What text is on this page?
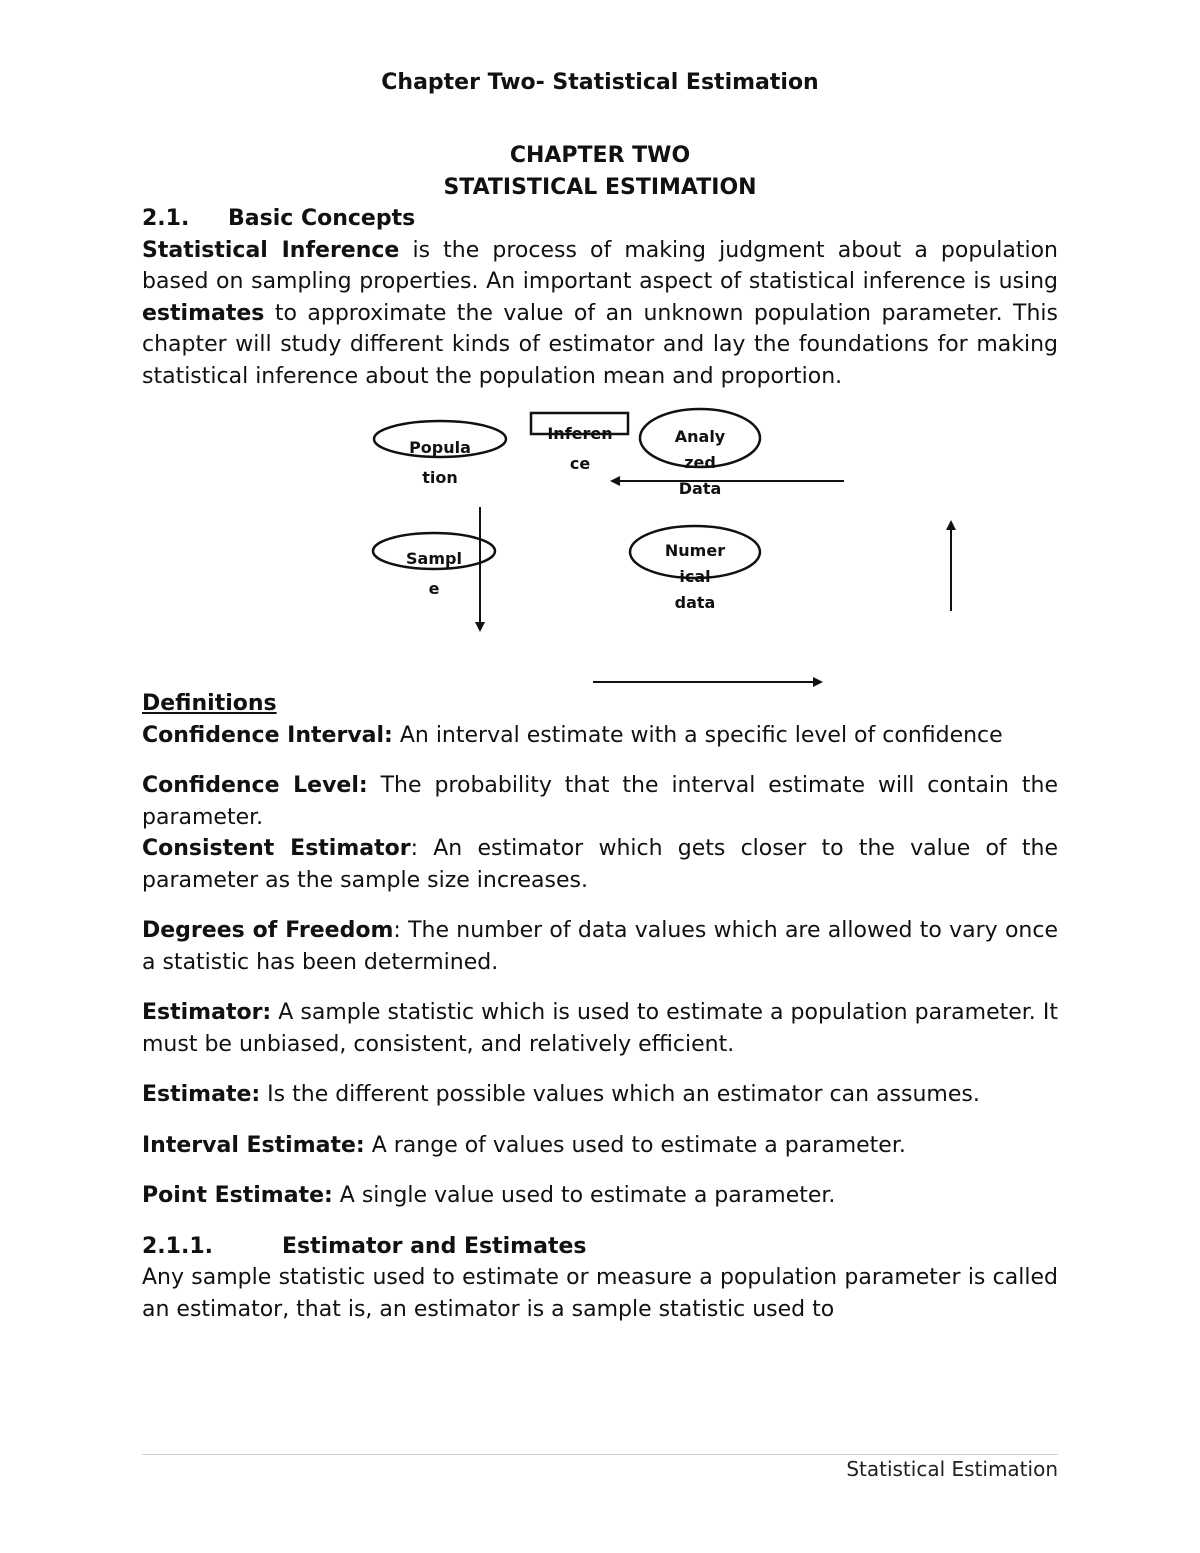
Chapter Two- Statistical Estimation
CHAPTER TWO
STATISTICAL ESTIMATION
2.1. Basic Concepts

Statistical Inference is the process of making judgment about a population based on sampling properties. An important aspect of statistical inference is using estimates to approximate the value of an unknown population parameter. This chapter will study different kinds of estimator and lay the foundations for making statistical inference about the population mean and proportion.

Popula
tion
Inferen
ce
Analy
zed
Data
Sampl
e
Numer
ical
data
Definitions

Confidence Interval: An interval estimate with a specific level of confidence

Confidence Level: The probability that the interval estimate will contain the parameter.

Consistent Estimator: An estimator which gets closer to the value of the parameter as the sample size increases.

Degrees of Freedom: The number of data values which are allowed to vary once a statistic has been determined.

Estimator: A sample statistic which is used to estimate a population parameter. It must be unbiased, consistent, and relatively efficient.

Estimate: Is the different possible values which an estimator can assumes.

Interval Estimate: A range of values used to estimate a parameter.

Point Estimate: A single value used to estimate a parameter.

2.1.1.	Estimator and Estimates

Any sample statistic used to estimate or measure a population parameter is called an estimator, that is, an estimator is a sample statistic used to

Statistical Estimation
